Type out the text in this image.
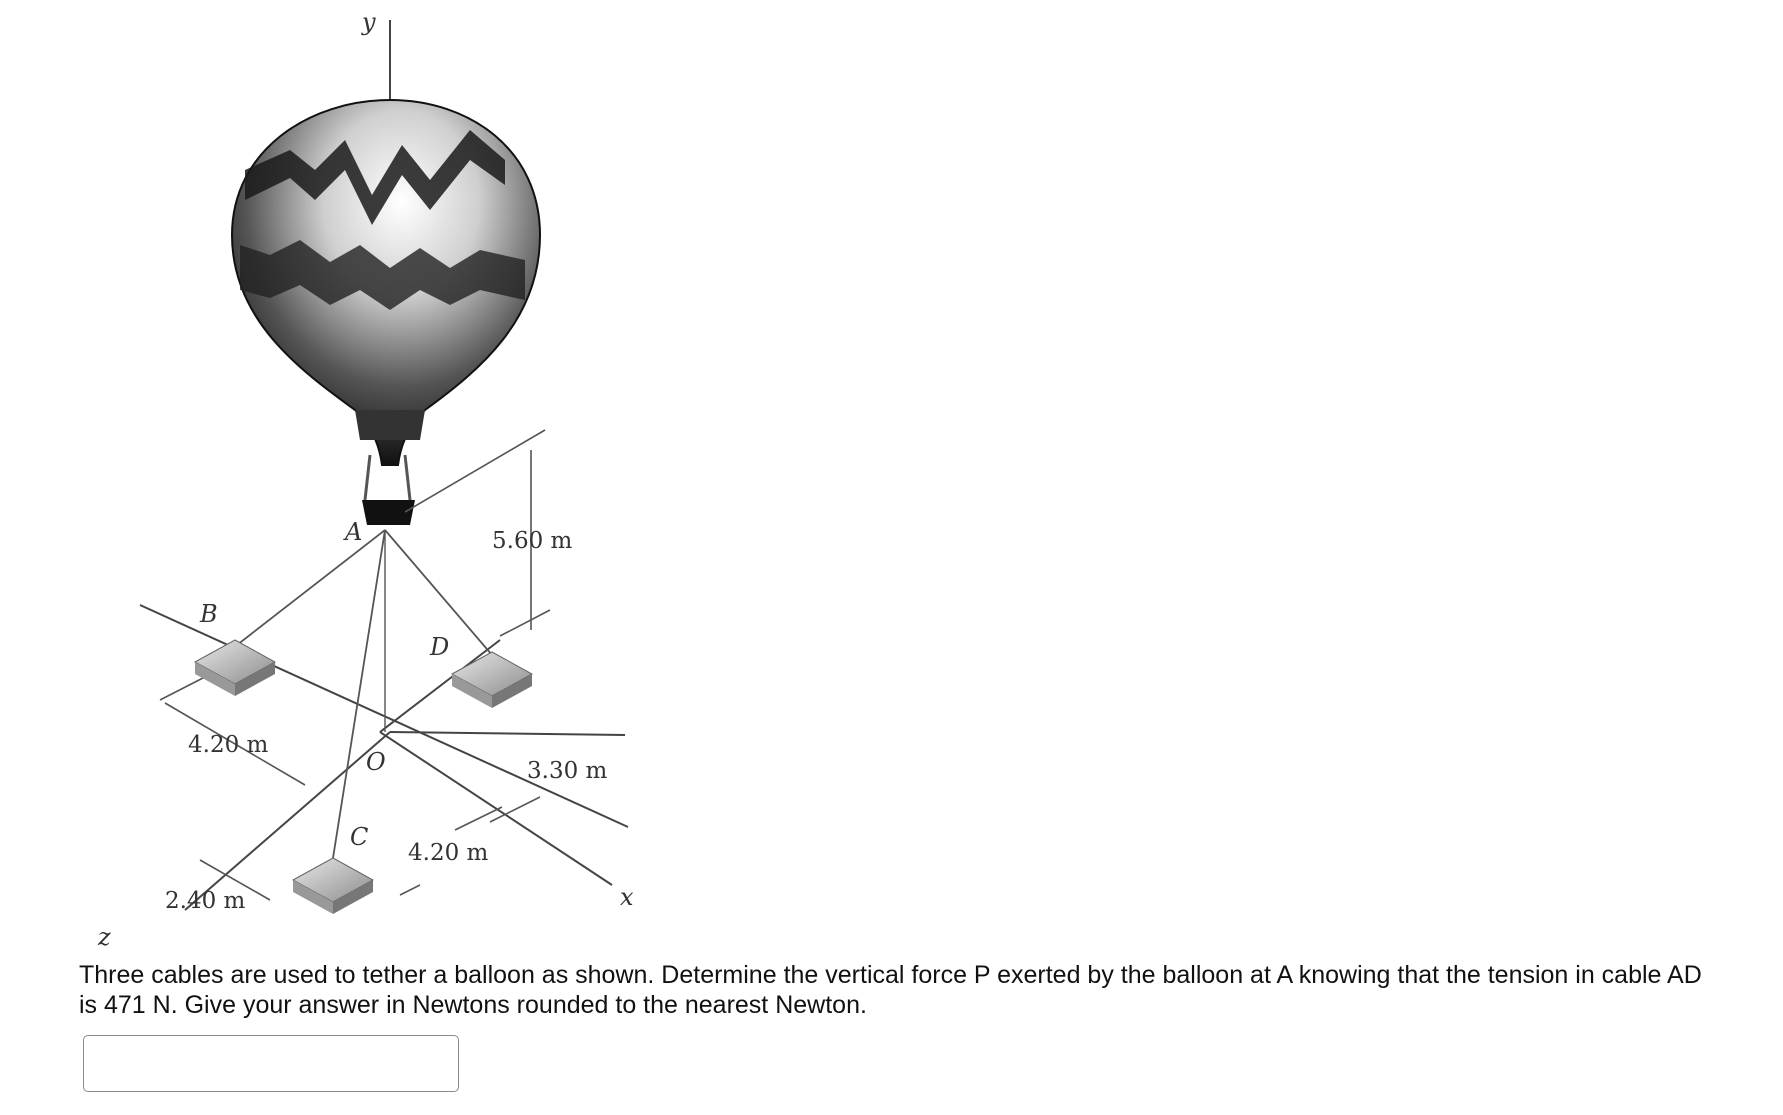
y
A
B
D
O
C
x
z
5.60 m
4.20 m
3.30 m
4.20 m
2.40 m
Three cables are used to tether a balloon as shown. Determine the vertical force P exerted by the balloon at A knowing that the tension in cable AD is 471 N. Give your answer in Newtons rounded to the nearest Newton.
